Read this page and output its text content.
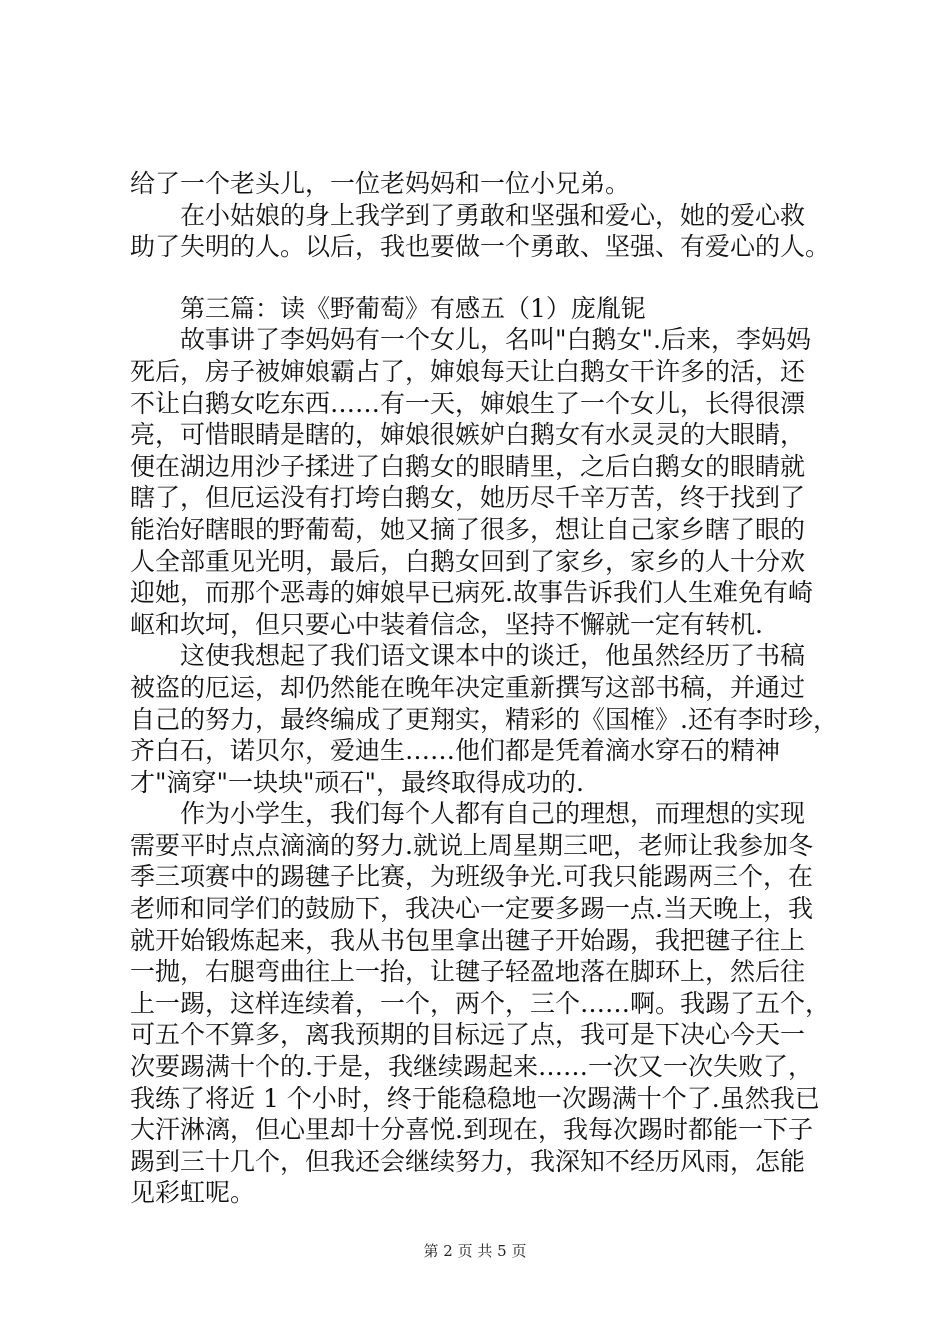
给了一个老头儿，一位老妈妈和一位小兄弟。
在小姑娘的身上我学到了勇敢和坚强和爱心，她的爱心救
助了失明的人。以后，我也要做一个勇敢、坚强、有爱心的人。
第三篇：读《野葡萄》有感五（1）庞胤铌
故事讲了李妈妈有一个女儿，名叫"白鹅女".后来，李妈妈
死后，房子被婶娘霸占了，婶娘每天让白鹅女干许多的活，还
不让白鹅女吃东西……有一天，婶娘生了一个女儿，长得很漂
亮，可惜眼睛是瞎的，婶娘很嫉妒白鹅女有水灵灵的大眼睛，
便在湖边用沙子揉进了白鹅女的眼睛里，之后白鹅女的眼睛就
瞎了，但厄运没有打垮白鹅女，她历尽千辛万苦，终于找到了
能治好瞎眼的野葡萄，她又摘了很多，想让自己家乡瞎了眼的
人全部重见光明，最后，白鹅女回到了家乡，家乡的人十分欢
迎她，而那个恶毒的婶娘早已病死.故事告诉我们人生难免有崎
岖和坎坷，但只要心中装着信念，坚持不懈就一定有转机.
这使我想起了我们语文课本中的谈迁，他虽然经历了书稿
被盗的厄运，却仍然能在晚年决定重新撰写这部书稿，并通过
自己的努力，最终编成了更翔实，精彩的《国榷》.还有李时珍，
齐白石，诺贝尔，爱迪生……他们都是凭着滴水穿石的精神
才"滴穿"一块块"顽石"，最终取得成功的.
作为小学生，我们每个人都有自己的理想，而理想的实现
需要平时点点滴滴的努力.就说上周星期三吧，老师让我参加冬
季三项赛中的踢毽子比赛，为班级争光.可我只能踢两三个，在
老师和同学们的鼓励下，我决心一定要多踢一点.当天晚上，我
就开始锻炼起来，我从书包里拿出毽子开始踢，我把毽子往上
一抛，右腿弯曲往上一抬，让毽子轻盈地落在脚环上，然后往
上一踢，这样连续着，一个，两个，三个……啊。我踢了五个，
可五个不算多，离我预期的目标远了点，我可是下决心今天一
次要踢满十个的.于是，我继续踢起来……一次又一次失败了，
我练了将近 1 个小时，终于能稳稳地一次踢满十个了.虽然我已
大汗淋漓，但心里却十分喜悦.到现在，我每次踢时都能一下子
踢到三十几个，但我还会继续努力，我深知不经历风雨，怎能
见彩虹呢。
第 2 页 共 5 页
